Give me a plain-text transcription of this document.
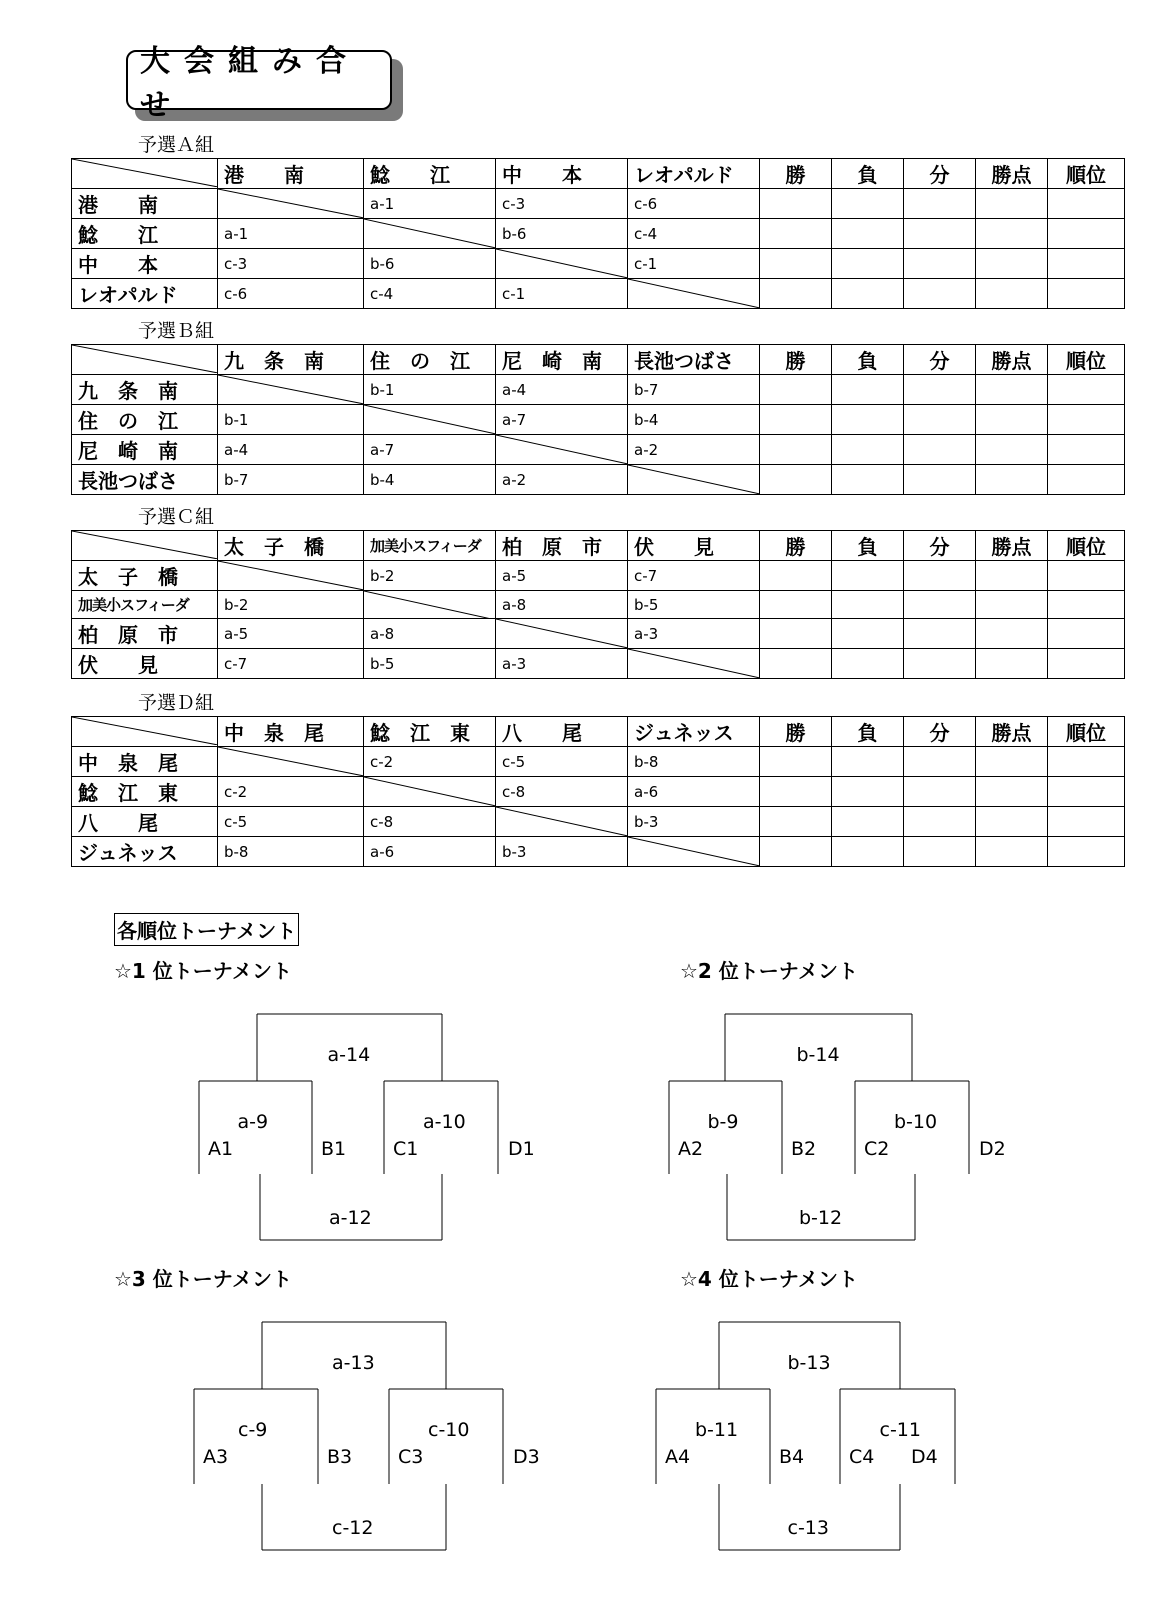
大会組み合せ
予選Ａ組
	港　　南	鯰　　江	中　　本	レオパルド	勝	負	分	勝点	順位
港　　南		a-1	c-3	c-6					
鯰　　江	a-1		b-6	c-4					
中　　本	c-3	b-6		c-1					
レオパルド	c-6	c-4	c-1	

予選Ｂ組
	九　条　南	住　の　江	尼　崎　南	長池つばさ	勝	負	分	勝点	順位
九　条　南		b-1	a-4	b-7					
住　の　江	b-1		a-7	b-4					
尼　崎　南	a-4	a-7		a-2					
長池つばさ	b-7	b-4	a-2	

予選Ｃ組
	太　子　橋	加美小スフィーダ	柏　原　市	伏　　見	勝	負	分	勝点	順位
太　子　橋		b-2	a-5	c-7					
加美小スフィーダ	b-2		a-8	b-5					
柏　原　市	a-5	a-8		a-3					
伏　　見	c-7	b-5	a-3	

予選Ｄ組
	中　泉　尾	鯰　江　東	八　　尾	ジュネッス	勝	負	分	勝点	順位
中　泉　尾		c-2	c-5	b-8					
鯰　江　東	c-2		c-8	a-6					
八　　尾	c-5	c-8		b-3					
ジュネッス	b-8	a-6	b-3	

各順位トーナメント
☆1 位トーナメント
a-14
a-9	a-10
a-12
A1	B1 C1	D1
☆2 位トーナメント
b-14
b-9	b-10
b-12
A2	B2	C2	D2
☆3 位トーナメント
a-13
c-9	c-10
c-12
A3	B3 C3	D3
☆4 位トーナメント
b-13
b-11	c-11
c-13
A4	B4 C4 D4
